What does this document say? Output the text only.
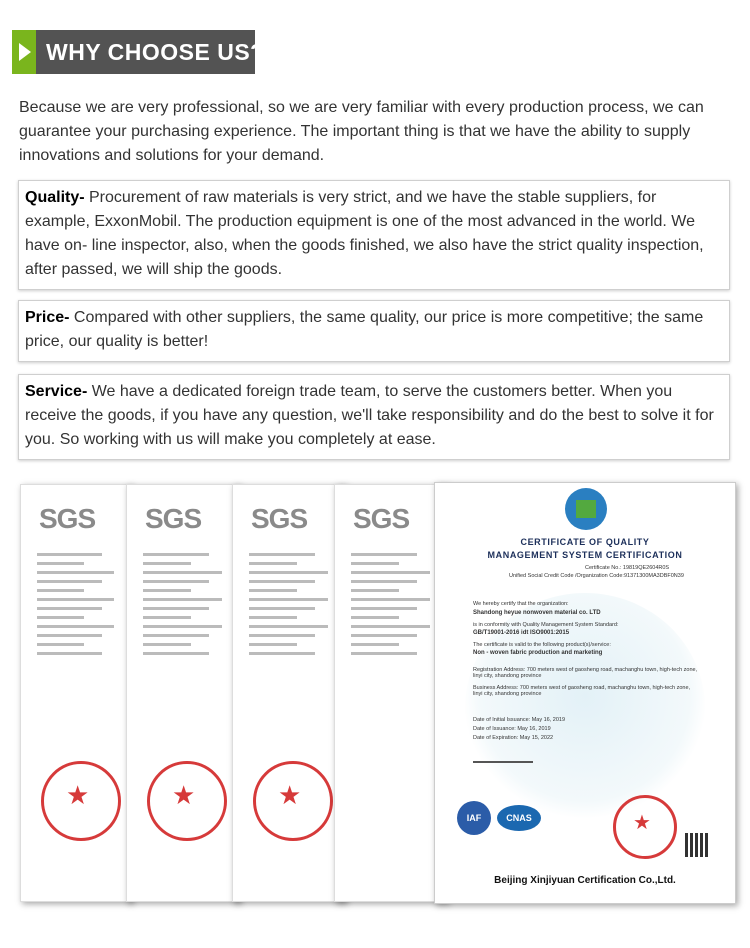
WHY CHOOSE US?
Because we are very professional, so we are very familiar with every production process, we can guarantee your purchasing experience. The important thing is that we have the ability to supply innovations and solutions for your demand.
Quality- Procurement of raw materials is very strict, and we have the stable suppliers, for example, ExxonMobil. The production equipment is one of the most advanced in the world. We have on- line inspector, also, when the goods finished, we also have the strict quality inspection, after passed, we will ship the goods.
Price- Compared with other suppliers, the same quality, our price is more competitive; the same price, our quality is better!
Service- We have a dedicated foreign trade team, to serve the customers better. When you receive the goods, if you have any question, we'll take responsibility and do the best to solve it for you. So working with us will make you completely at ease.
SGS
★ SGS
★ SGS
★ SGS
CERTIFICATE OF QUALITY
MANAGEMENT SYSTEM CERTIFICATION
Certificate No.: 19819QE2604R0S
Unified Social Credit Code /Organization Code:91371300MA3DBF0N39
We hereby certify that the organization:
Shandong heyue nonwoven material co. LTD
is in conformity with Quality Management System Standard:
GB/T19001-2016 idt ISO9001:2015
The certificate is valid to the following product(s)/service:
Non - woven fabric production and marketing
Registration Address: 700 meters west of gaosheng road, machanghu town, high-tech zone, linyi city, shandong province
Business Address: 700 meters west of gaosheng road, machanghu town, high-tech zone, linyi city, shandong province
Date of Initial Issuance: May 16, 2019
Date of Issuance: May 16, 2019
Date of Expiration: May 15, 2022
IAF	CNAS
★
Beijing Xinjiyuan Certification Co.,Ltd.
